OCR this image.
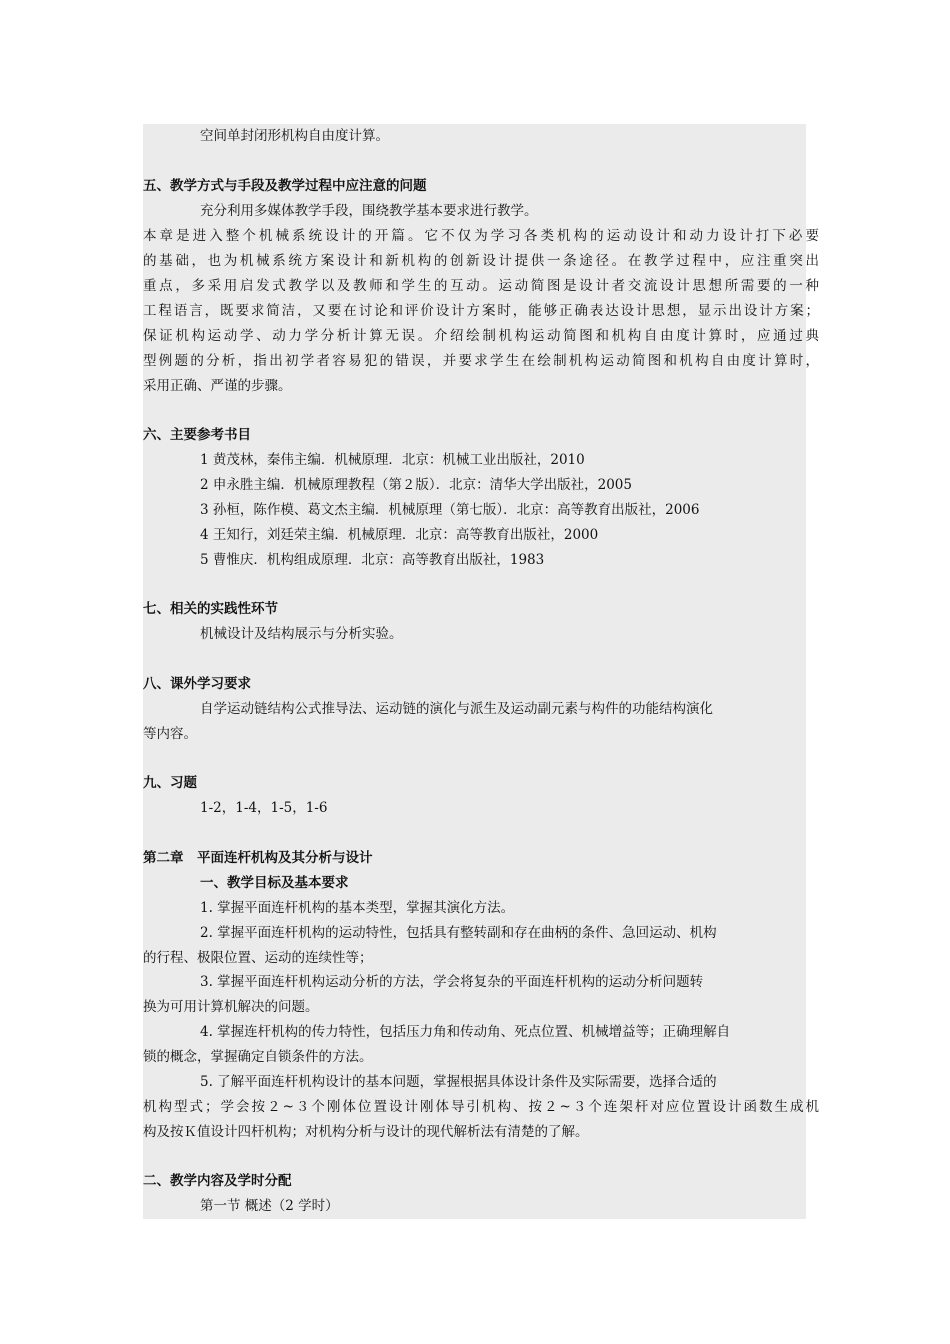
空间单封闭形机构自由度计算。
五、教学方式与手段及教学过程中应注意的问题
充分利用多媒体教学手段，围绕教学基本要求进行教学。
本章是进入整个机械系统设计的开篇。它不仅为学习各类机构的运动设计和动力设计打下必要
的基础，也为机械系统方案设计和新机构的创新设计提供一条途径。在教学过程中，应注重突出
重点，多采用启发式教学以及教师和学生的互动。运动简图是设计者交流设计思想所需要的一种
工程语言，既要求简洁，又要在讨论和评价设计方案时，能够正确表达设计思想，显示出设计方案；
保证机构运动学、动力学分析计算无误。介绍绘制机构运动简图和机构自由度计算时，应通过典
型例题的分析，指出初学者容易犯的错误，并要求学生在绘制机构运动简图和机构自由度计算时，
采用正确、严谨的步骤。
六、主要参考书目
1 黄茂林，秦伟主编．机械原理．北京：机械工业出版社，2010
2 申永胜主编．机械原理教程（第２版）．北京：清华大学出版社，2005
3 孙桓，陈作模、葛文杰主编．机械原理（第七版）．北京：高等教育出版社，2006
4 王知行，刘廷荣主编．机械原理．北京：高等教育出版社，2000
5 曹惟庆．机构组成原理．北京：高等教育出版社，1983
七、相关的实践性环节
机械设计及结构展示与分析实验。
八、课外学习要求
自学运动链结构公式推导法、运动链的演化与派生及运动副元素与构件的功能结构演化
等内容。
九、习题
1-2，1-4，1-5，1-6
第二章　平面连杆机构及其分析与设计
一、教学目标及基本要求
1. 掌握平面连杆机构的基本类型，掌握其演化方法。
2. 掌握平面连杆机构的运动特性，包括具有整转副和存在曲柄的条件、急回运动、机构
的行程、极限位置、运动的连续性等；
3. 掌握平面连杆机构运动分析的方法，学会将复杂的平面连杆机构的运动分析问题转
换为可用计算机解决的问题。
4. 掌握连杆机构的传力特性，包括压力角和传动角、死点位置、机械增益等；正确理解自
锁的概念，掌握确定自锁条件的方法。
5. 了解平面连杆机构设计的基本问题，掌握根据具体设计条件及实际需要，选择合适的
机构型式；学会按２~３个刚体位置设计刚体导引机构、按２~３个连架杆对应位置设计函数生成机
构及按Ｋ值设计四杆机构；对机构分析与设计的现代解析法有清楚的了解。
二、教学内容及学时分配
第一节 概述（2 学时）
